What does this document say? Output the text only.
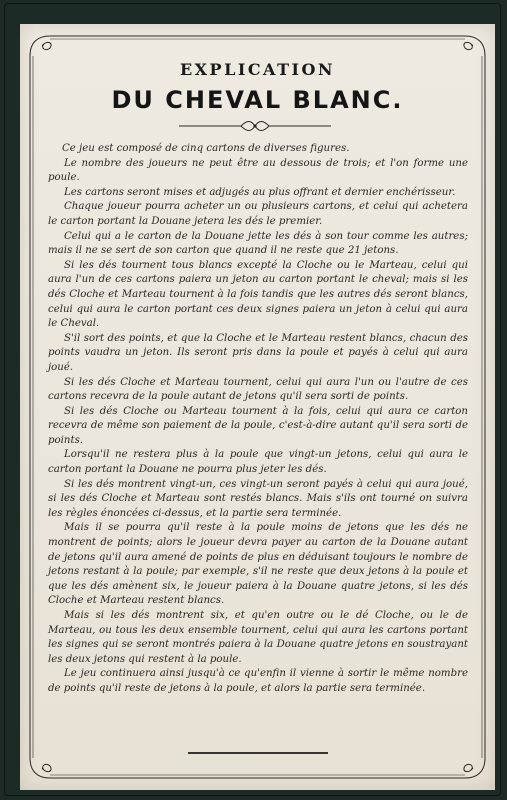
EXPLICATION
DU CHEVAL BLANC.

Ce jeu est composé de cinq cartons de diverses figures.

Le nombre des joueurs ne peut être au dessous de trois; et l'on forme une poule.

Les cartons seront mises et adjugés au plus offrant et dernier enchérisseur.

Chaque joueur pourra acheter un ou plusieurs cartons, et celui qui achetera le carton portant la Douane jetera les dés le premier.

Celui qui a le carton de la Douane jette les dés à son tour comme les autres; mais il ne se sert de son carton que quand il ne reste que 21 jetons.

Si les dés tournent tous blancs excepté la Cloche ou le Marteau, celui qui aura l'un de ces cartons paiera un jeton au carton portant le cheval; mais si les dés Cloche et Marteau tournent à la fois tandis que les autres dés seront blancs, celui qui aura le carton portant ces deux signes paiera un jeton à celui qui aura le Cheval.

S'il sort des points, et que la Cloche et le Marteau restent blancs, chacun des points vaudra un jeton. Ils seront pris dans la poule et payés à celui qui aura joué.

Si les dés Cloche et Marteau tournent, celui qui aura l'un ou l'autre de ces cartons recevra de la poule autant de jetons qu'il sera sorti de points.

Si les dés Cloche ou Marteau tournent à la fois, celui qui aura ce carton recevra de même son paiement de la poule, c'est-à-dire autant qu'il sera sorti de points.

Lorsqu'il ne restera plus à la poule que vingt-un jetons, celui qui aura le carton portant la Douane ne pourra plus jeter les dés.

Si les dés montrent vingt-un, ces vingt-un seront payés à celui qui aura joué, si les dés Cloche et Marteau sont restés blancs. Mais s'ils ont tourné on suivra les règles énoncées ci-dessus, et la partie sera terminée.

Mais il se pourra qu'il reste à la poule moins de jetons que les dés ne montrent de points; alors le joueur devra payer au carton de la Douane autant de jetons qu'il aura amené de points de plus en déduisant toujours le nombre de jetons restant à la poule; par exemple, s'il ne reste que deux jetons à la poule et que les dés amènent six, le joueur paiera à la Douane quatre jetons, si les dés Cloche et Marteau restent blancs.

Mais si les dés montrent six, et qu'en outre ou le dé Cloche, ou le de Marteau, ou tous les deux ensemble tournent, celui qui aura les cartons portant les signes qui se seront montrés paiera à la Douane quatre jetons en soustrayant les deux jetons qui restent à la poule.

Le jeu continuera ainsi jusqu'à ce qu'enfin il vienne à sortir le même nombre de points qu'il reste de jetons à la poule, et alors la partie sera terminée.
